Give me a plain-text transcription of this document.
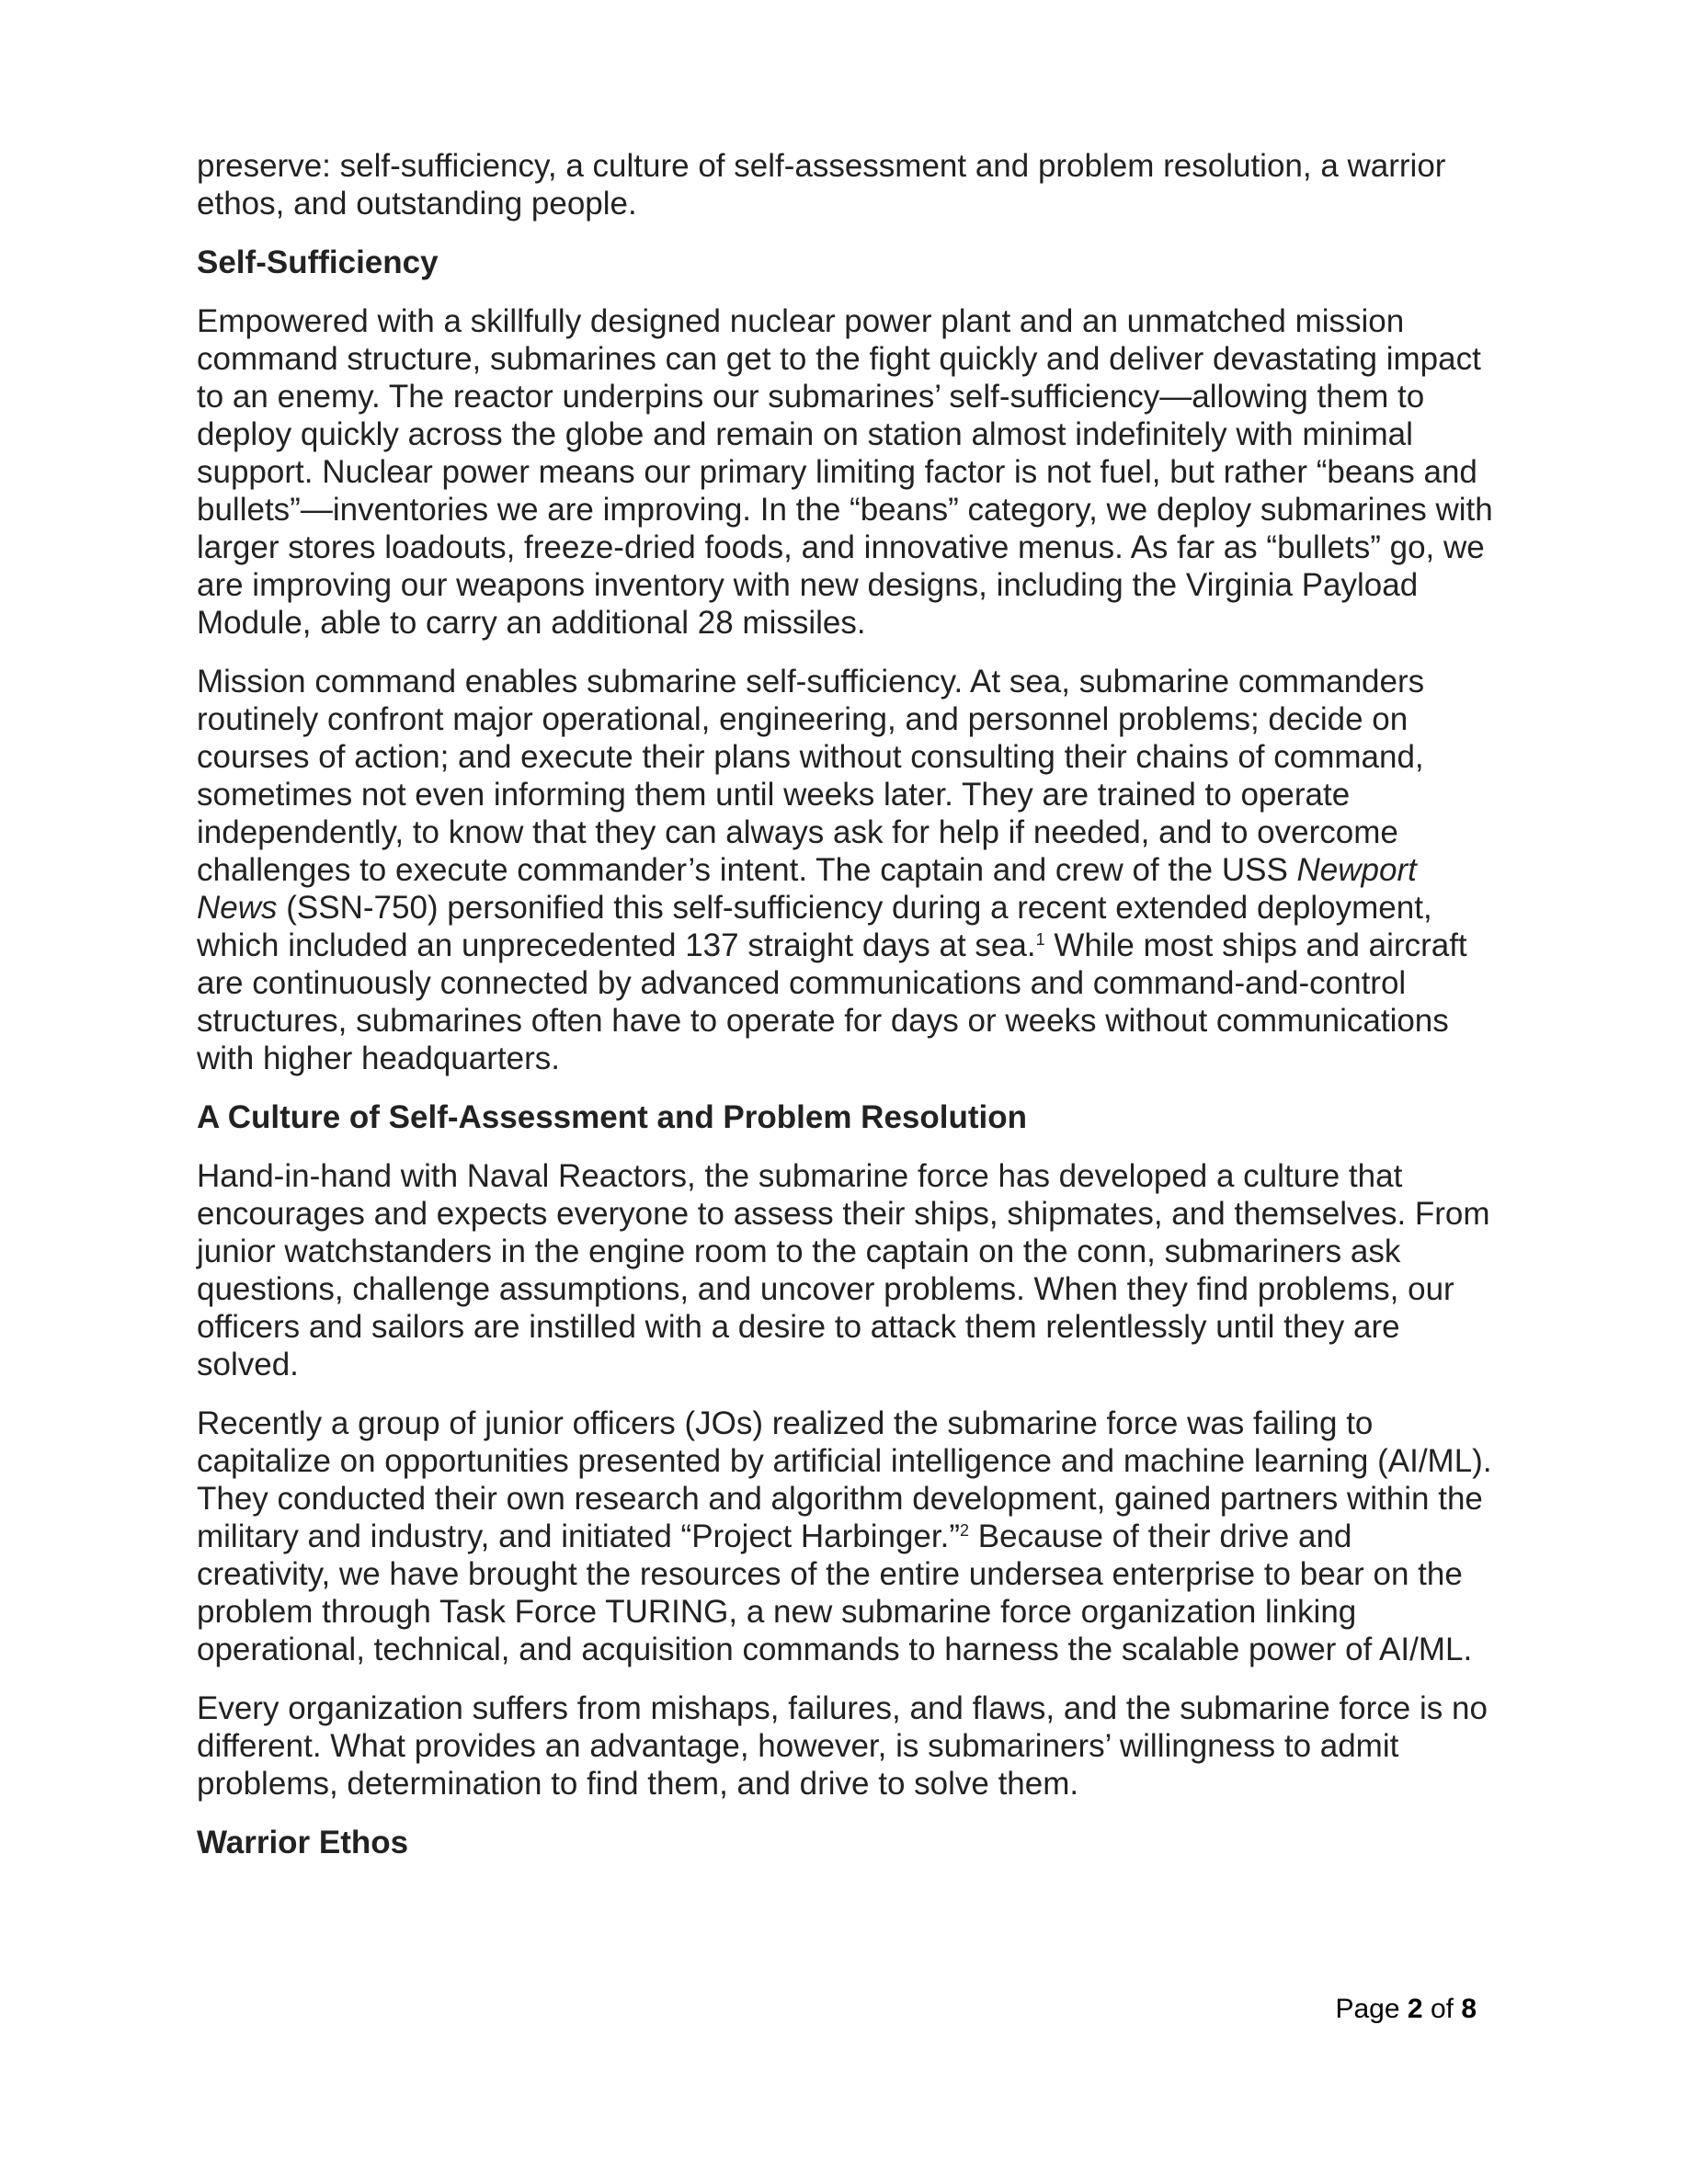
preserve: self-sufficiency, a culture of self-assessment and problem resolution, a warrior ethos, and outstanding people.

Self-Sufficiency

Empowered with a skillfully designed nuclear power plant and an unmatched mission command structure, submarines can get to the fight quickly and deliver devastating impact to an enemy. The reactor underpins our submarines’ self-sufficiency—allowing them to deploy quickly across the globe and remain on station almost indefinitely with minimal support. Nuclear power means our primary limiting factor is not fuel, but rather “beans and bullets”—inventories we are improving. In the “beans” category, we deploy submarines with larger stores loadouts, freeze-dried foods, and innovative menus. As far as “bullets” go, we are improving our weapons inventory with new designs, including the Virginia Payload Module, able to carry an additional 28 missiles.

Mission command enables submarine self-sufficiency. At sea, submarine commanders routinely confront major operational, engineering, and personnel problems; decide on courses of action; and execute their plans without consulting their chains of command, sometimes not even informing them until weeks later. They are trained to operate independently, to know that they can always ask for help if needed, and to overcome challenges to execute commander’s intent. The captain and crew of the USS Newport News (SSN-750) personified this self-sufficiency during a recent extended deployment, which included an unprecedented 137 straight days at sea.$^1$ While most ships and aircraft are continuously connected by advanced communications and command-and-control structures, submarines often have to operate for days or weeks without communications with higher headquarters.

A Culture of Self-Assessment and Problem Resolution

Hand-in-hand with Naval Reactors, the submarine force has developed a culture that encourages and expects everyone to assess their ships, shipmates, and themselves. From junior watchstanders in the engine room to the captain on the conn, submariners ask questions, challenge assumptions, and uncover problems. When they find problems, our officers and sailors are instilled with a desire to attack them relentlessly until they are solved.

Recently a group of junior officers (JOs) realized the submarine force was failing to capitalize on opportunities presented by artificial intelligence and machine learning (AI/ML). They conducted their own research and algorithm development, gained partners within the military and industry, and initiated “Project Harbinger.”$^2$ Because of their drive and creativity, we have brought the resources of the entire undersea enterprise to bear on the problem through Task Force TURING, a new submarine force organization linking operational, technical, and acquisition commands to harness the scalable power of AI/ML.

Every organization suffers from mishaps, failures, and flaws, and the submarine force is no different. What provides an advantage, however, is submariners’ willingness to admit problems, determination to find them, and drive to solve them.

Warrior Ethos
Page 2 of 8
